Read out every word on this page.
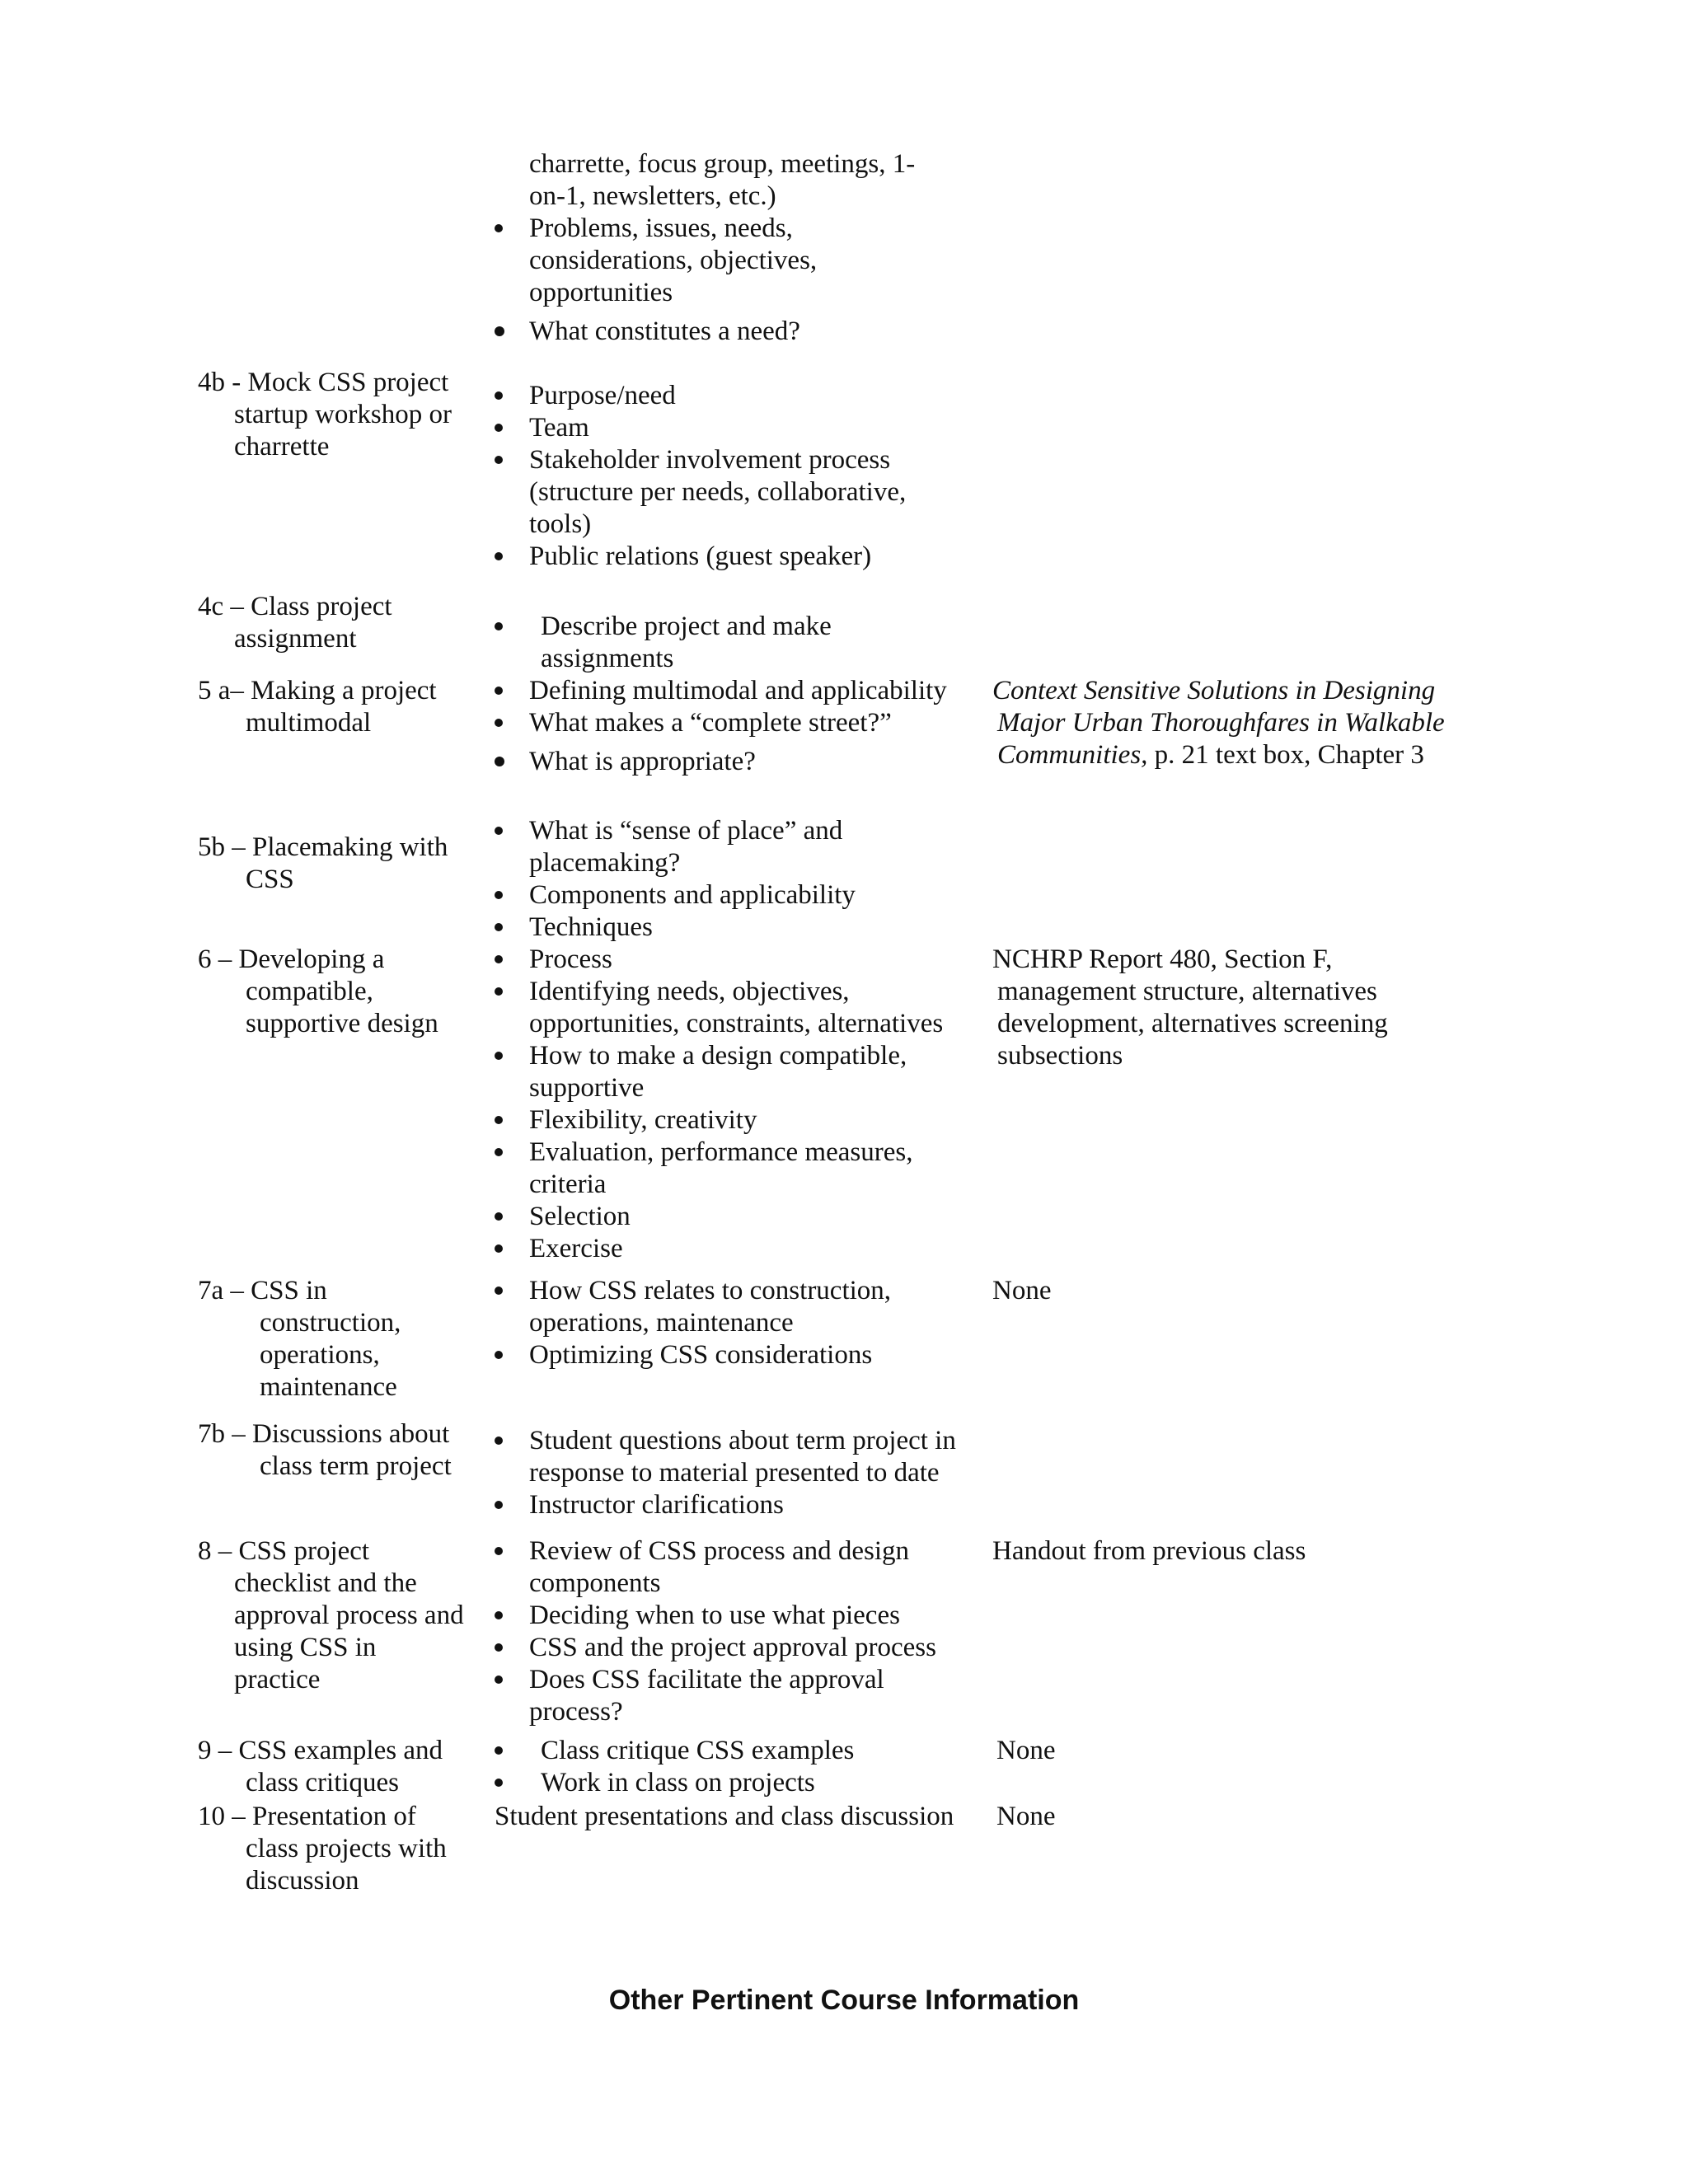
charrette, focus group, meetings, 1-
on-1, newsletters, etc.)
Problems, issues, needs,
considerations, objectives,
opportunities
What constitutes a need?
4b - Mock CSS project
startup workshop or
charrette
Purpose/need
Team
Stakeholder involvement process
(structure per needs, collaborative,
tools)
Public relations (guest speaker)
4c – Class project
assignment	Describe project and make
assignments
5 a– Making a project
multimodal
Defining multimodal and applicability
What makes a “complete street?”
What is appropriate?
Context Sensitive Solutions in Designing
Major Urban Thoroughfares in Walkable
Communities, p. 21 text box, Chapter 3
5b – Placemaking with
CSS
What is “sense of place” and
placemaking?
Components and applicability
Techniques
6 – Developing a
compatible,
supportive design
Process
Identifying needs, objectives,
opportunities, constraints, alternatives
How to make a design compatible,
supportive
Flexibility, creativity
Evaluation, performance measures,
criteria
Selection
Exercise
NCHRP Report 480, Section F,
management structure, alternatives
development, alternatives screening
subsections
7a – CSS in
construction,
operations,
maintenance
How CSS relates to construction,
operations, maintenance
Optimizing CSS considerations
None
7b – Discussions about
class term project
Student questions about term project in
response to material presented to date
Instructor clarifications
8 – CSS project
checklist and the
approval process and
using CSS in
practice
Review of CSS process and design
components
Deciding when to use what pieces
CSS and the project approval process
Does CSS facilitate the approval
process?
Handout from previous class
9 – CSS examples and
class critiques
Class critique CSS examples
Work in class on projects
None
10 – Presentation of
class projects with
discussion
Student presentations and class discussion	None
Other Pertinent Course Information
